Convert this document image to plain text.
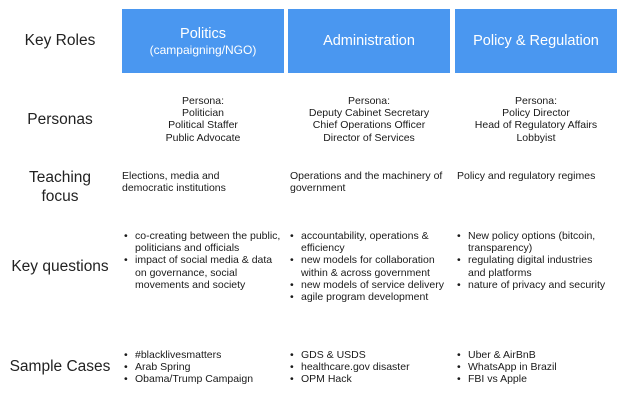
Key Roles
Personas
Teaching
focus
Key questions
Sample Cases
Politics
(campaigning/NGO)
Persona:
Politician
Political Staffer
Public Advocate
Elections, media and democratic institutions
• co-creating between the public, politicians and officials
• impact of social media & data on governance, social movements and society
• #blacklivesmatters
• Arab Spring
• Obama/Trump Campaign
Administration
Persona:
Deputy Cabinet Secretary
Chief Operations Officer
Director of Services
Operations and the machinery of government
• accountability, operations & efficiency
• new models for collaboration within & across government
• new models of service delivery
• agile program development
• GDS & USDS
• healthcare.gov disaster
• OPM Hack
Policy & Regulation
Persona:
Policy Director
Head of Regulatory Affairs
Lobbyist
Policy and regulatory regimes
• New policy options (bitcoin, transparency)
• regulating digital industries and platforms
• nature of privacy and security
• Uber & AirBnB
• WhatsApp in Brazil
• FBI vs Apple
